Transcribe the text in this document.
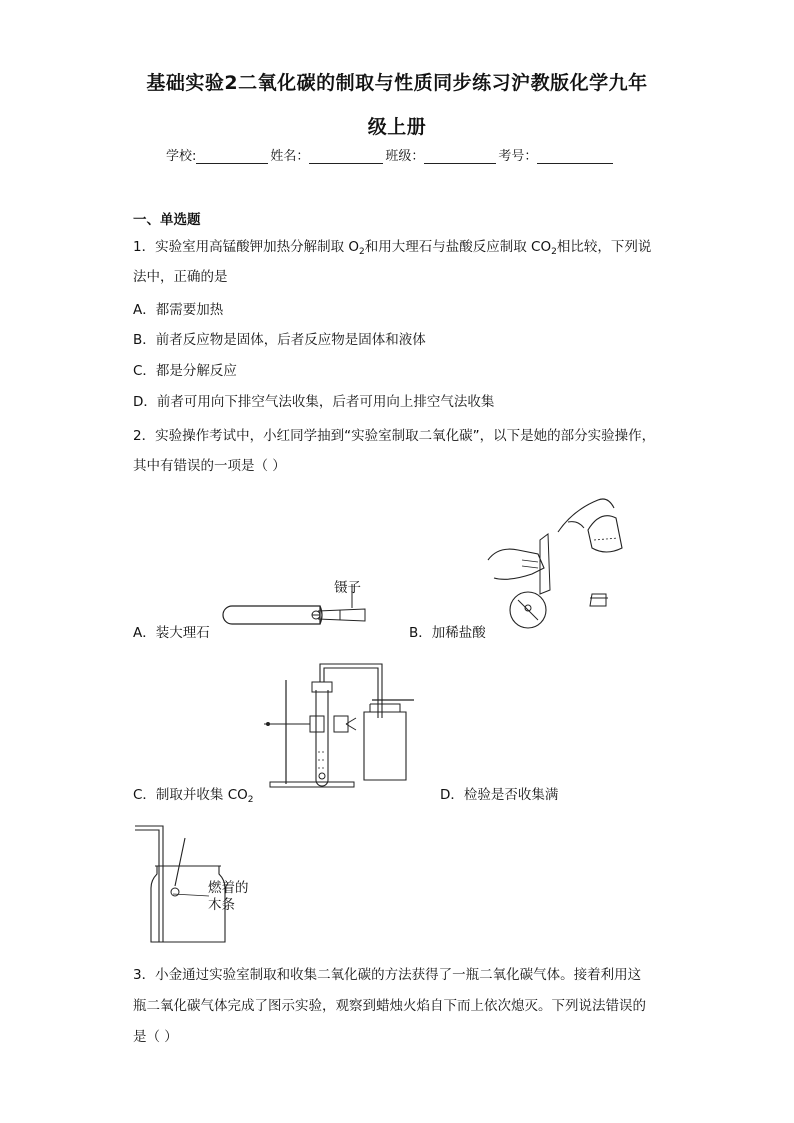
基础实验2二氧化碳的制取与性质同步练习沪教版化学九年
级上册
学校:	姓名：	班级：	考号：
一、单选题
1．实验室用高锰酸钾加热分解制取 $O_2$和用大理石与盐酸反应制取 $CO_2$相比较，下列说
法中，正确的是
A．都需要加热
B．前者反应物是固体，后者反应物是固体和液体
C．都是分解反应
D．前者可用向下排空气法收集，后者可用向上排空气法收集
2．实验操作考试中，小红同学抽到“实验室制取二氧化碳”，以下是她的部分实验操作，
其中有错误的一项是（ ）
镊子
A．装大理石	B．加稀盐酸
C．制取并收集 $CO_2$	D．检验是否收集满
燃着的
木条
3．小金通过实验室制取和收集二氧化碳的方法获得了一瓶二氧化碳气体。接着利用这
瓶二氧化碳气体完成了图示实验，观察到蜡烛火焰自下而上依次熄灭。下列说法错误的
是（ ）
